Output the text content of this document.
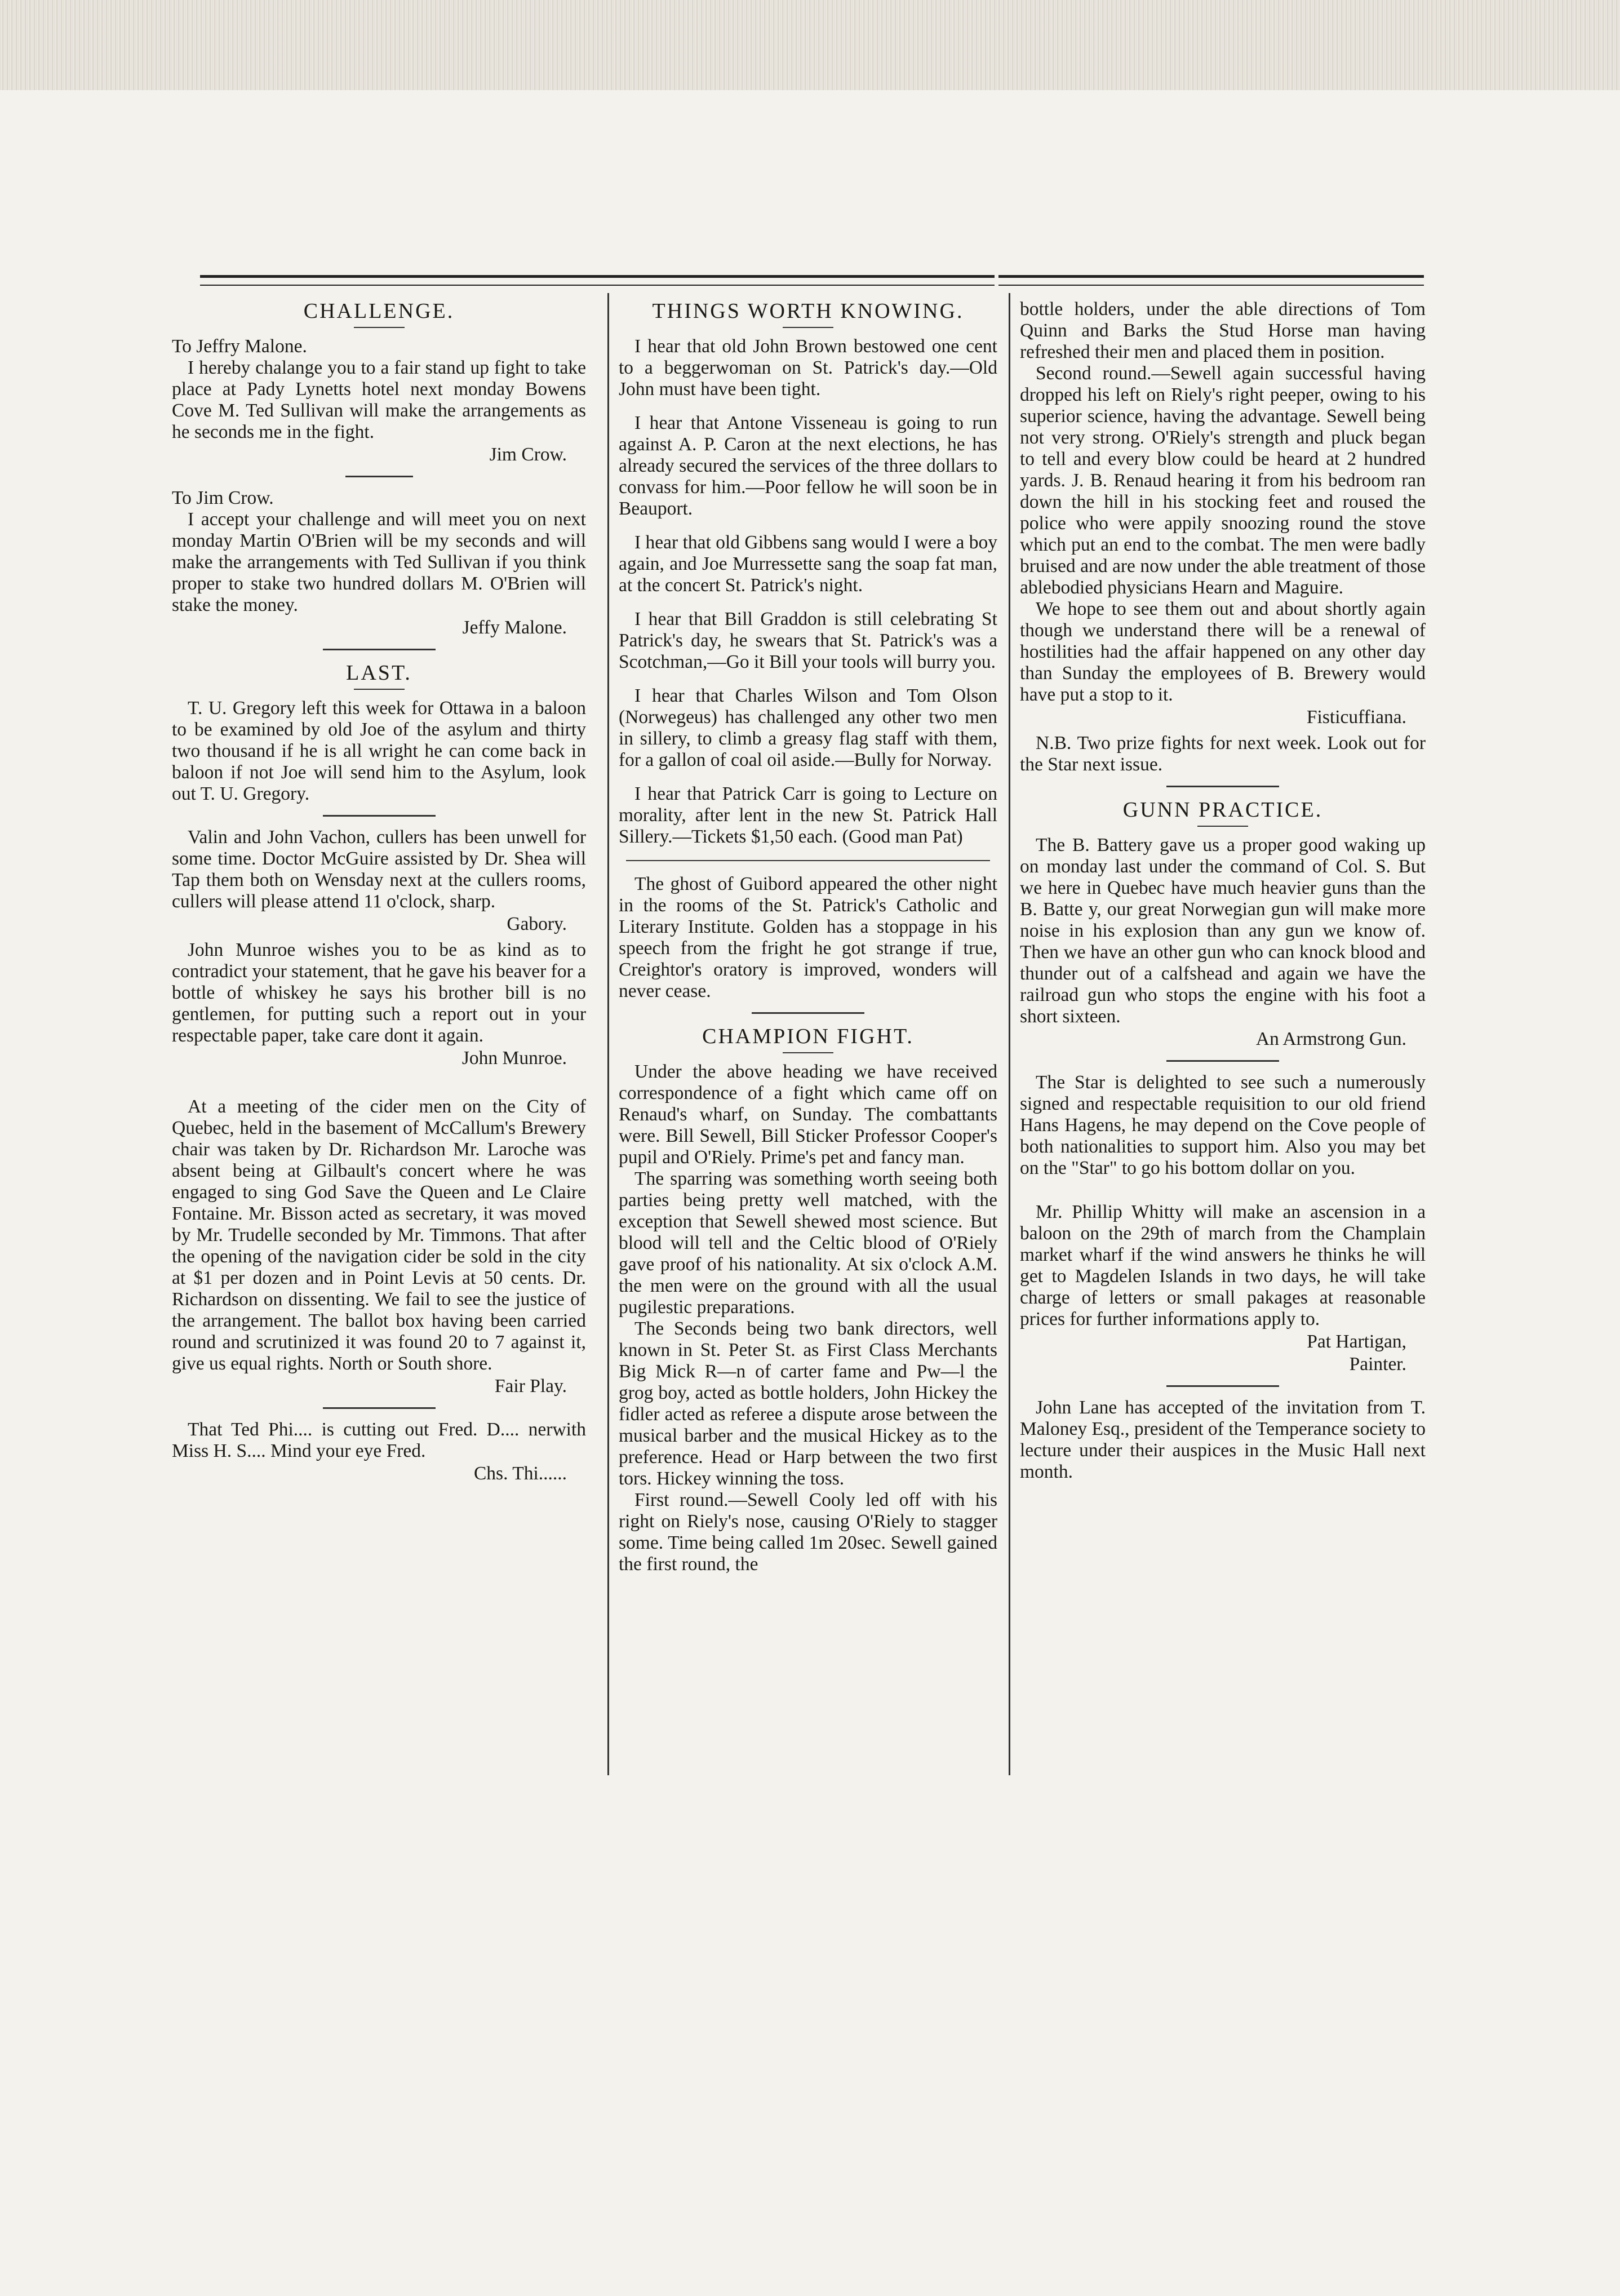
CHALLENGE.

To Jeffry Malone.

I hereby chalange you to a fair stand up fight to take place at Pady Lynetts hotel next monday Bowens Cove M. Ted Sullivan will make the arrangements as he seconds me in the fight.

Jim Crow.

To Jim Crow.

I accept your challenge and will meet you on next monday Martin O'Brien will be my seconds and will make the arrangements with Ted Sullivan if you think proper to stake two hundred dollars M. O'Brien will stake the money.

Jeffy Malone.

LAST.

T. U. Gregory left this week for Ottawa in a baloon to be examined by old Joe of the asylum and thirty two thousand if he is all wright he can come back in baloon if not Joe will send him to the Asylum, look out T. U. Gregory.

Valin and John Vachon, cullers has been unwell for some time. Doctor McGuire assisted by Dr. Shea will Tap them both on Wensday next at the cullers rooms, cullers will please attend 11 o'clock, sharp.

Gabory.

John Munroe wishes you to be as kind as to contradict your statement, that he gave his beaver for a bottle of whiskey he says his brother bill is no gentlemen, for putting such a report out in your respectable paper, take care dont it again.

John Munroe.

At a meeting of the cider men on the City of Quebec, held in the basement of McCallum's Brewery chair was taken by Dr. Richardson Mr. Laroche was absent being at Gilbault's concert where he was engaged to sing God Save the Queen and Le Claire Fontaine. Mr. Bisson acted as secretary, it was moved by Mr. Trudelle seconded by Mr. Timmons. That after the opening of the navigation cider be sold in the city at $1 per dozen and in Point Levis at 50 cents. Dr. Richardson on dissenting. We fail to see the justice of the arrangement. The ballot box having been carried round and scrutinized it was found 20 to 7 against it, give us equal rights. North or South shore.

Fair Play.

That Ted Phi.... is cutting out Fred. D.... nerwith Miss H. S.... Mind your eye Fred.

Chs. Thi......

THINGS WORTH KNOWING.

I hear that old John Brown bestowed one cent to a beggerwoman on St. Patrick's day.—Old John must have been tight.

I hear that Antone Visseneau is going to run against A. P. Caron at the next elections, he has already secured the services of the three dollars to convass for him.—Poor fellow he will soon be in Beauport.

I hear that old Gibbens sang would I were a boy again, and Joe Murressette sang the soap fat man, at the concert St. Patrick's night.

I hear that Bill Graddon is still celebrating St Patrick's day, he swears that St. Patrick's was a Scotchman,—Go it Bill your tools will burry you.

I hear that Charles Wilson and Tom Olson (Norwegeus) has challenged any other two men in sillery, to climb a greasy flag staff with them, for a gallon of coal oil aside.—Bully for Norway.

I hear that Patrick Carr is going to Lecture on morality, after lent in the new St. Patrick Hall Sillery.—Tickets $1,50 each. (Good man Pat)

The ghost of Guibord appeared the other night in the rooms of the St. Patrick's Catholic and Literary Institute. Golden has a stoppage in his speech from the fright he got strange if true, Creightor's oratory is improved, wonders will never cease.

CHAMPION FIGHT.

Under the above heading we have received correspondence of a fight which came off on Renaud's wharf, on Sunday. The combattants were. Bill Sewell, Bill Sticker Professor Cooper's pupil and O'Riely. Prime's pet and fancy man.

The sparring was something worth seeing both parties being pretty well matched, with the exception that Sewell shewed most science. But blood will tell and the Celtic blood of O'Riely gave proof of his nationality. At six o'clock A.M. the men were on the ground with all the usual pugilestic preparations.

The Seconds being two bank directors, well known in St. Peter St. as First Class Merchants Big Mick R—n of carter fame and Pw—l the grog boy, acted as bottle holders, John Hickey the fidler acted as referee a dispute arose between the musical barber and the musical Hickey as to the preference. Head or Harp between the two first tors. Hickey winning the toss.

First round.—Sewell Cooly led off with his right on Riely's nose, causing O'Riely to stagger some. Time being called 1m 20sec. Sewell gained the first round, the

bottle holders, under the able directions of Tom Quinn and Barks the Stud Horse man having refreshed their men and placed them in position.

Second round.—Sewell again successful having dropped his left on Riely's right peeper, owing to his superior science, having the advantage. Sewell being not very strong. O'Riely's strength and pluck began to tell and every blow could be heard at 2 hundred yards. J. B. Renaud hearing it from his bedroom ran down the hill in his stocking feet and roused the police who were appily snoozing round the stove which put an end to the combat. The men were badly bruised and are now under the able treatment of those ablebodied physicians Hearn and Maguire.

We hope to see them out and about shortly again though we understand there will be a renewal of hostilities had the affair happened on any other day than Sunday the employees of B. Brewery would have put a stop to it.

Fisticuffiana.

N.B. Two prize fights for next week. Look out for the Star next issue.

GUNN PRACTICE.

The B. Battery gave us a proper good waking up on monday last under the command of Col. S. But we here in Quebec have much heavier guns than the B. Batte y, our great Norwegian gun will make more noise in his explosion than any gun we know of. Then we have an other gun who can knock blood and thunder out of a calfshead and again we have the railroad gun who stops the engine with his foot a short sixteen.

An Armstrong Gun.

The Star is delighted to see such a numerously signed and respectable requisition to our old friend Hans Hagens, he may depend on the Cove people of both nationalities to support him. Also you may bet on the "Star" to go his bottom dollar on you.

Mr. Phillip Whitty will make an ascension in a baloon on the 29th of march from the Champlain market wharf if the wind answers he thinks he will get to Magdelen Islands in two days, he will take charge of letters or small pakages at reasonable prices for further informations apply to.

Pat Hartigan,

Painter.

John Lane has accepted of the invitation from T. Maloney Esq., president of the Temperance society to lecture under their auspices in the Music Hall next month.
